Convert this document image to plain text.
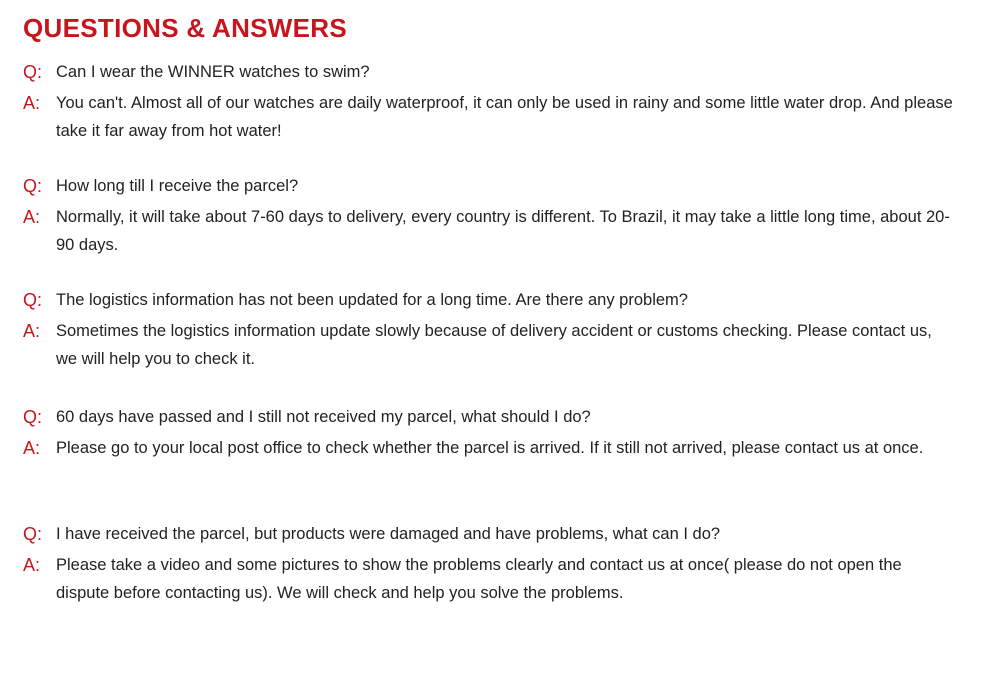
QUESTIONS & ANSWERS
Q: Can I wear the WINNER watches to swim?
A: You can't. Almost all of our watches are daily waterproof, it can only be used in rainy and some little water drop. And please take it far away from hot water!
Q: How long till I receive the parcel?
A: Normally, it will take about 7-60 days to delivery, every country is different. To Brazil, it may take a little long time, about 20-90 days.
Q: The logistics information has not been updated for a long time. Are there any problem?
A: Sometimes the logistics information update slowly because of delivery accident or customs checking. Please contact us, we will help you to check it.
Q: 60 days have passed and I still not received my parcel, what should I do?
A: Please go to your local post office to check whether the parcel is arrived. If it still not arrived, please contact us at once.
Q: I have received the parcel, but products were damaged and have problems, what can I do?
A: Please take a video and some pictures to show the problems clearly and contact us at once( please do not open the dispute before contacting us). We will check and help you solve the problems.
